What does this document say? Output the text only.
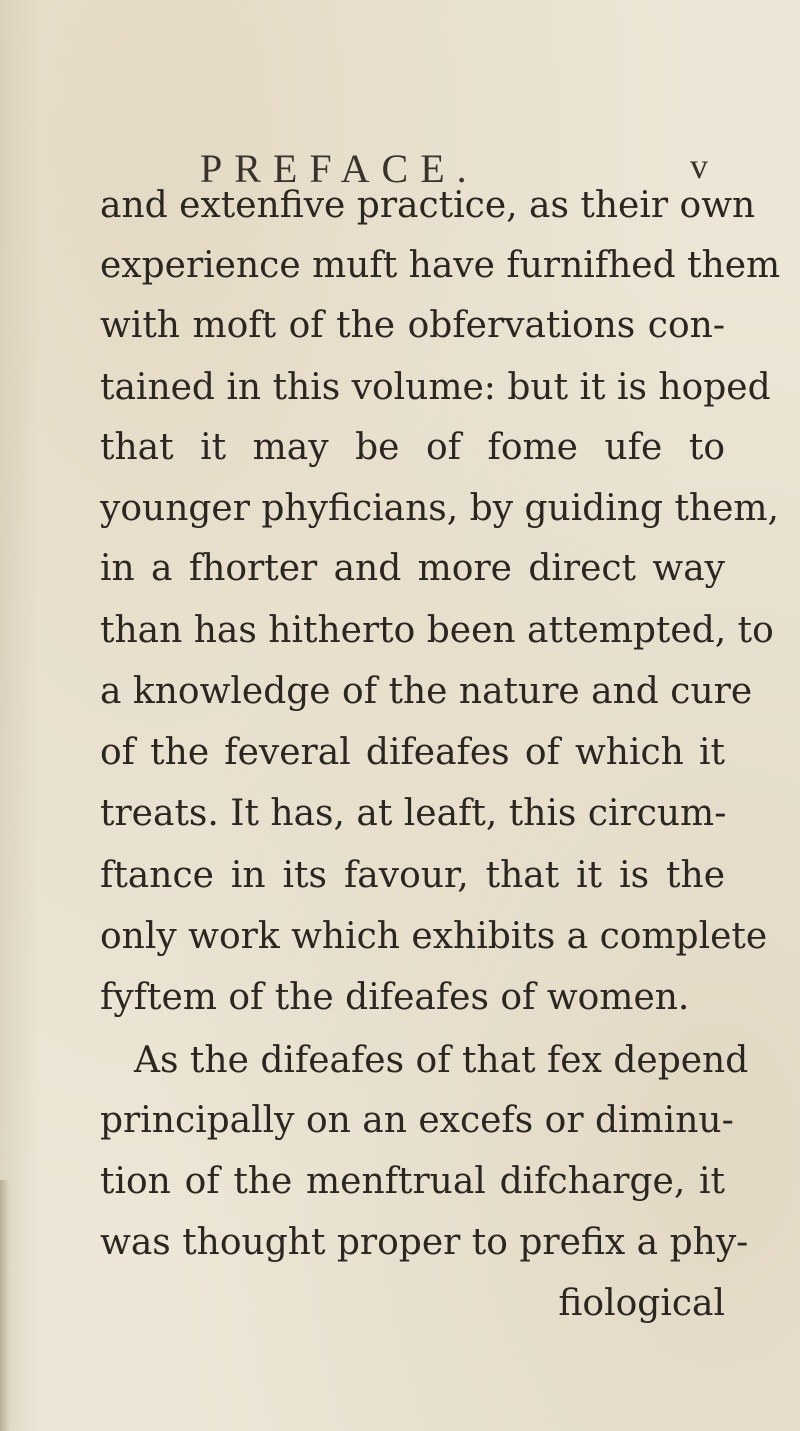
PREFACE.	v
and extenfive practice, as their own
experience muft have furnifhed them
with moft of the obfervations con-
tained in this volume: but it is hoped
that it may be of fome ufe to
younger phyficians, by guiding them,
in a fhorter and more direct way
than has hitherto been attempted, to
a knowledge of the nature and cure
of the feveral difeafes of which it
treats. It has, at leaft, this circum-
ftance in its favour, that it is the
only work which exhibits a complete
fyftem of the difeafes of women.
As the difeafes of that fex depend
principally on an excefs or diminu-
tion of the menftrual difcharge, it
was thought proper to prefix a phy-
fiological
